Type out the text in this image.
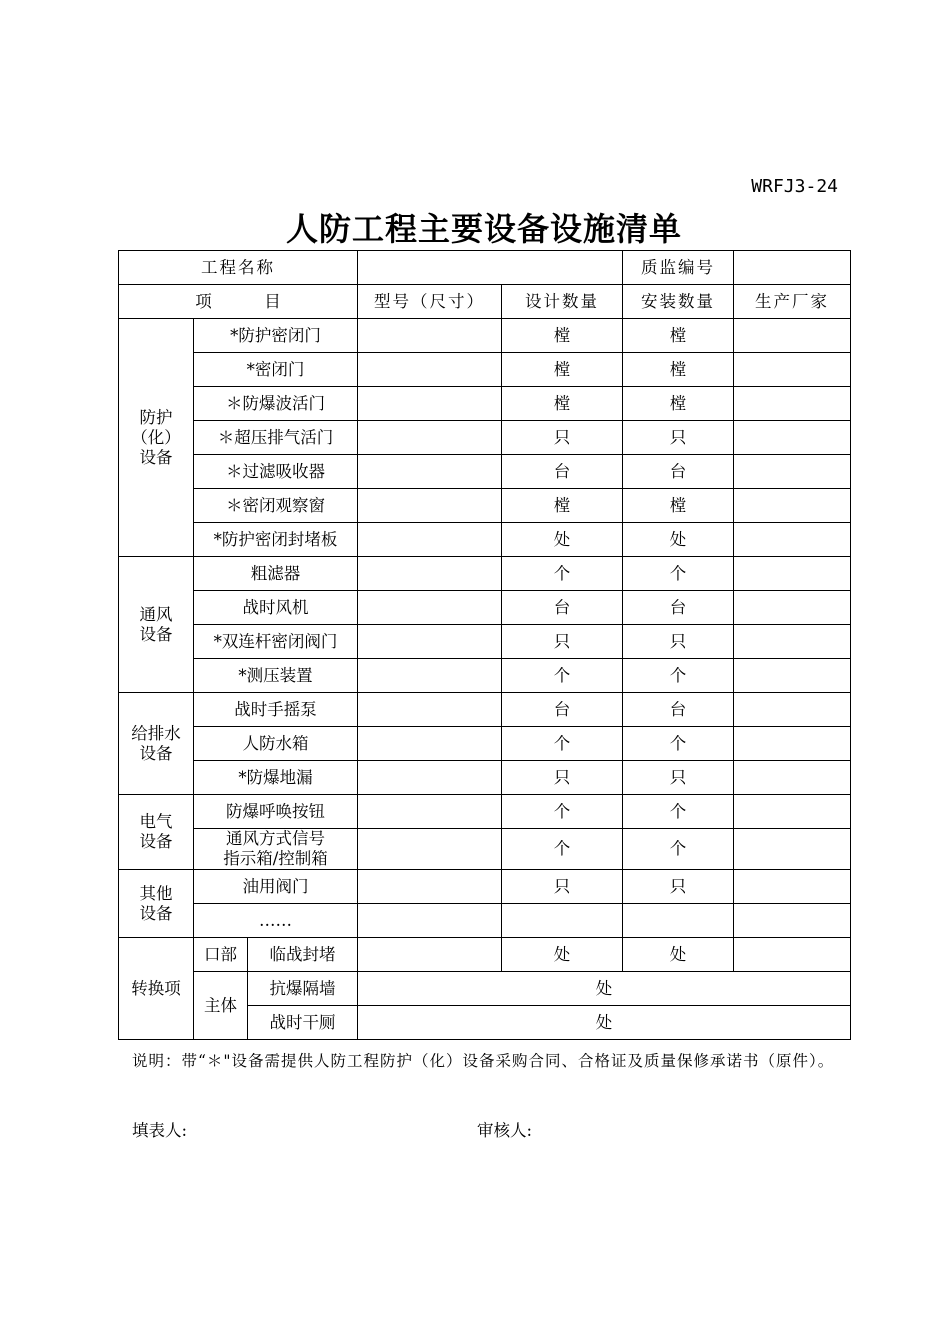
WRFJ3-24
人防工程主要设备设施清单
工程名称					质监编号	
项          目			型号（尺寸）	设计数量	安装数量	生产厂家

防护
（化）
设备	*防护密闭门			樘	樘	
	*密闭门			樘	樘	
	＊防爆波活门			樘	樘	
	＊超压排气活门			只	只	
	＊过滤吸收器			台	台	
	＊密闭观察窗			樘	樘	
	*防护密闭封堵板			处	处	

通风
设备	粗滤器			个	个	
	战时风机			台	台	
	*双连杆密闭阀门			只	只	
	*测压装置			个	个	

给排水
设备	战时手摇泵			台	台	
	人防水箱			个	个	
	*防爆地漏			只	只	

电气
设备	防爆呼唤按钮			个	个	

	通风方式信号
指示箱/控制箱			个	个	

其他
设备	油用阀门			只	只	
	……					
转换项	口部	临战封堵		处	处	
	主体	抗爆隔墙	处			
		战时干厕	处			
说明：带“＊"设备需提供人防工程防护（化）设备采购合同、合格证及质量保修承诺书（原件）。
填表人:	审核人:
